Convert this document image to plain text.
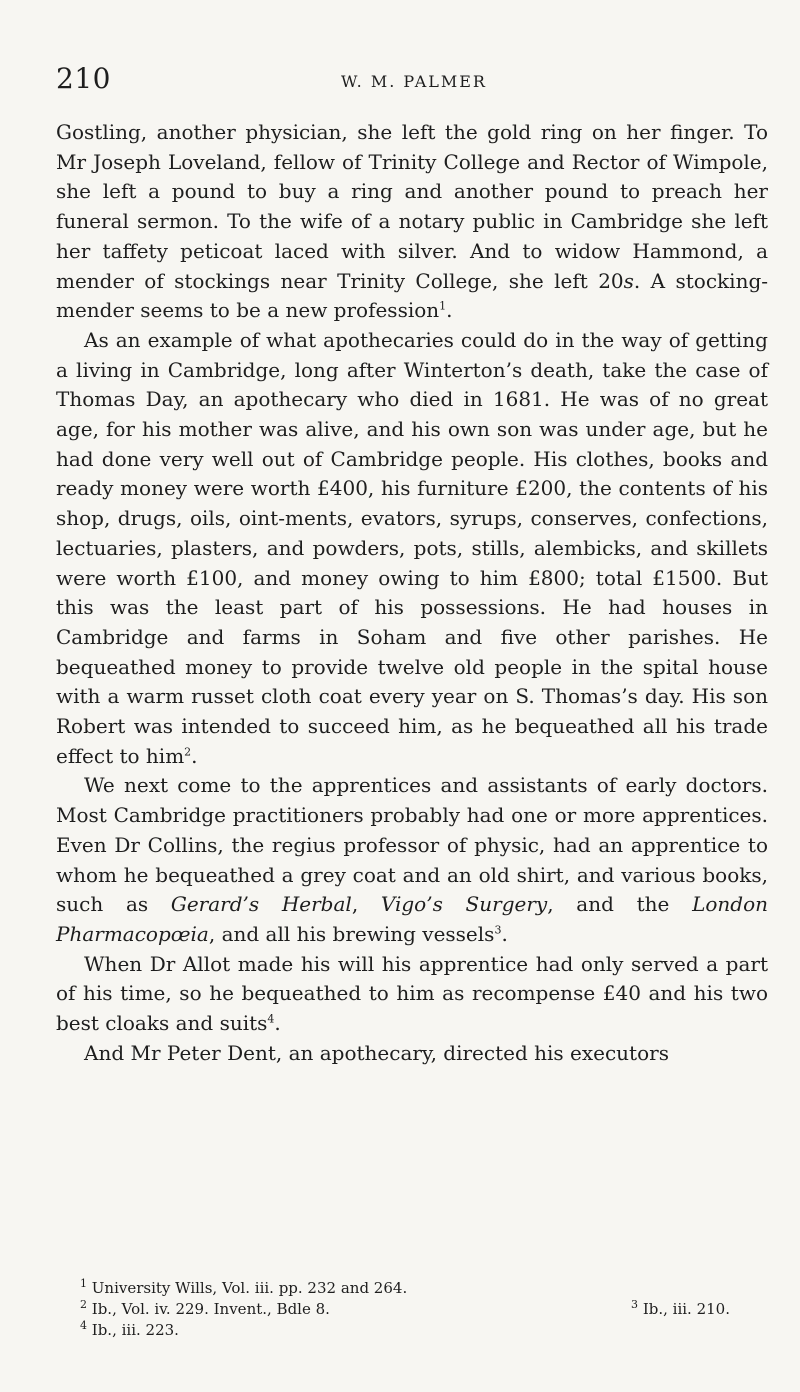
210	W. M. PALMER

Gostling, another physician, she left the gold ring on her finger. To Mr Joseph Loveland, fellow of Trinity College and Rector of Wimpole, she left a pound to buy a ring and another pound to preach her funeral sermon. To the wife of a notary public in Cambridge she left her taffety peticoat laced with silver. And to widow Hammond, a mender of stockings near Trinity College, she left 20s. A stocking-mender seems to be a new profession$^1$.

As an example of what apothecaries could do in the way of getting a living in Cambridge, long after Winterton’s death, take the case of Thomas Day, an apothecary who died in 1681. He was of no great age, for his mother was alive, and his own son was under age, but he had done very well out of Cambridge people. His clothes, books and ready money were worth £400, his furniture £200, the contents of his shop, drugs, oils, oint-ments, evators, syrups, conserves, confections, lectuaries, plasters, and powders, pots, stills, alembicks, and skillets were worth £100, and money owing to him £800; total £1500. But this was the least part of his possessions. He had houses in Cambridge and farms in Soham and five other parishes. He bequeathed money to provide twelve old people in the spital house with a warm russet cloth coat every year on S. Thomas’s day. His son Robert was intended to succeed him, as he bequeathed all his trade effect to him$^2$.

We next come to the apprentices and assistants of early doctors. Most Cambridge practitioners probably had one or more apprentices. Even Dr Collins, the regius professor of physic, had an apprentice to whom he bequeathed a grey coat and an old shirt, and various books, such as Gerard’s Herbal, Vigo’s Surgery, and the London Pharmacopœia, and all his brewing vessels$^3$.

When Dr Allot made his will his apprentice had only served a part of his time, so he bequeathed to him as recompense £40 and his two best cloaks and suits$^4$.

And Mr Peter Dent, an apothecary, directed his executors

$^1$ University Wills, Vol. iii. pp. 232 and 264.
$^2$ Ib., Vol. iv. 229. Invent., Bdle 8.	$^3$ Ib., iii. 210.
$^4$ Ib., iii. 223.
